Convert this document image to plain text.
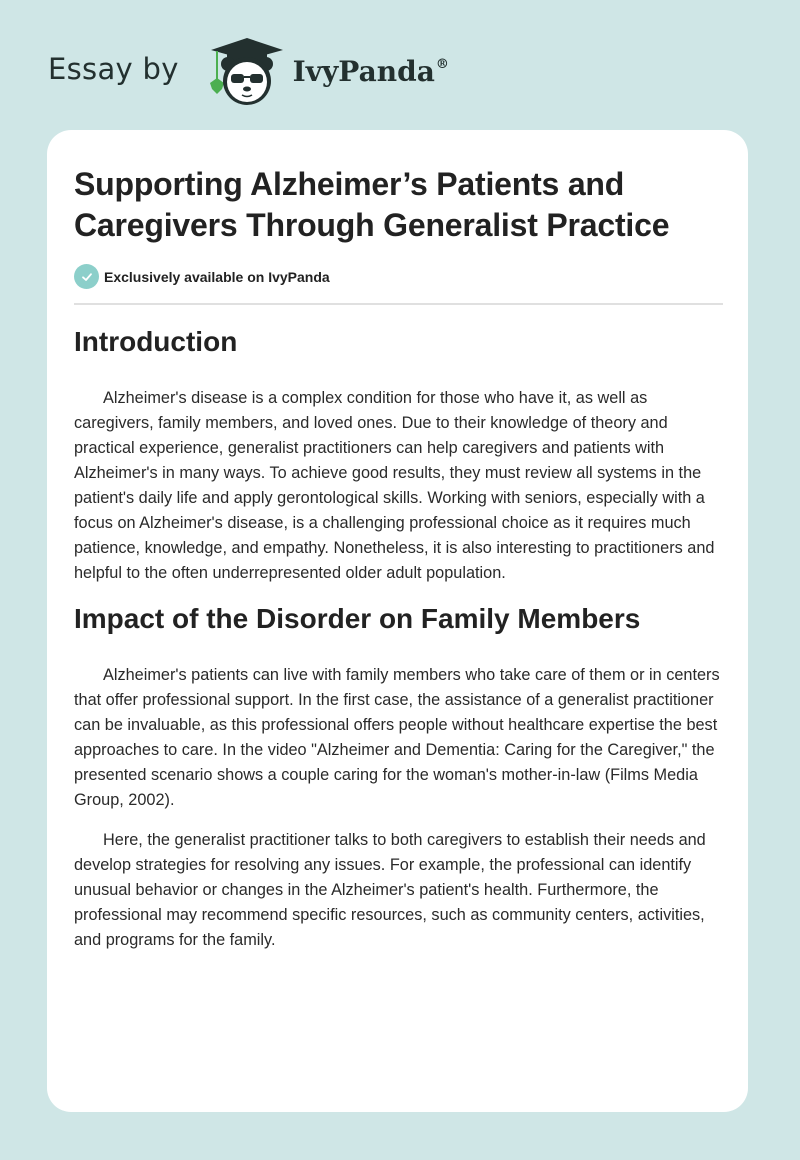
Essay by	IvyPanda®
Supporting Alzheimer’s Patients and Caregivers Through Generalist Practice
Exclusively available on IvyPanda
Introduction

Alzheimer's disease is a complex condition for those who have it, as well as caregivers, family members, and loved ones. Due to their knowledge of theory and practical experience, generalist practitioners can help caregivers and patients with Alzheimer's in many ways. To achieve good results, they must review all systems in the patient's daily life and apply gerontological skills. Working with seniors, especially with a focus on Alzheimer's disease, is a challenging professional choice as it requires much patience, knowledge, and empathy. Nonetheless, it is also interesting to practitioners and helpful to the often underrepresented older adult population.

Impact of the Disorder on Family Members

Alzheimer's patients can live with family members who take care of them or in centers that offer professional support. In the first case, the assistance of a generalist practitioner can be invaluable, as this professional offers people without healthcare expertise the best approaches to care. In the video "Alzheimer and Dementia: Caring for the Caregiver," the presented scenario shows a couple caring for the woman's mother-in-law (Films Media Group, 2002).

Here, the generalist practitioner talks to both caregivers to establish their needs and develop strategies for resolving any issues. For example, the professional can identify unusual behavior or changes in the Alzheimer's patient's health. Furthermore, the professional may recommend specific resources, such as community centers, activities, and programs for the family.
